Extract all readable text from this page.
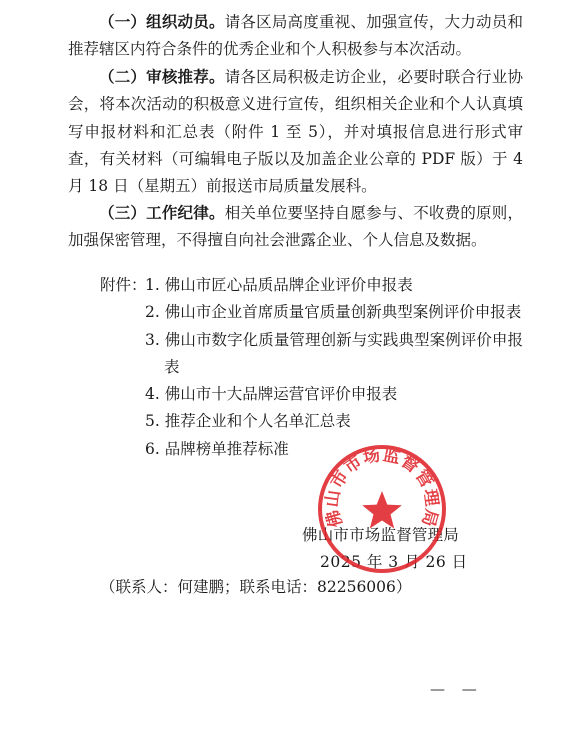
（一）组织动员。请各区局高度重视、加强宣传，大力动员和推荐辖区内符合条件的优秀企业和个人积极参与本次活动。

（二）审核推荐。请各区局积极走访企业，必要时联合行业协会，将本次活动的积极意义进行宣传，组织相关企业和个人认真填写申报材料和汇总表（附件 1 至 5），并对填报信息进行形式审查，有关材料（可编辑电子版以及加盖企业公章的 PDF 版）于 4 月 18 日（星期五）前报送市局质量发展科。

（三）工作纪律。相关单位要坚持自愿参与、不收费的原则，加强保密管理，不得擅自向社会泄露企业、个人信息及数据。

附件：
1. 佛山市匠心品质品牌企业评价申报表
2. 佛山市企业首席质量官质量创新典型案例评价申报表
3. 佛山市数字化质量管理创新与实践典型案例评价申报表
4. 佛山市十大品牌运营官评价申报表
5. 推荐企业和个人名单汇总表
6. 品牌榜单推荐标准
佛山市市场监督管理局
2025 年 3 月 26 日
佛山市市场监督管理局
（联系人：何建鹏；联系电话：82256006）
— —
